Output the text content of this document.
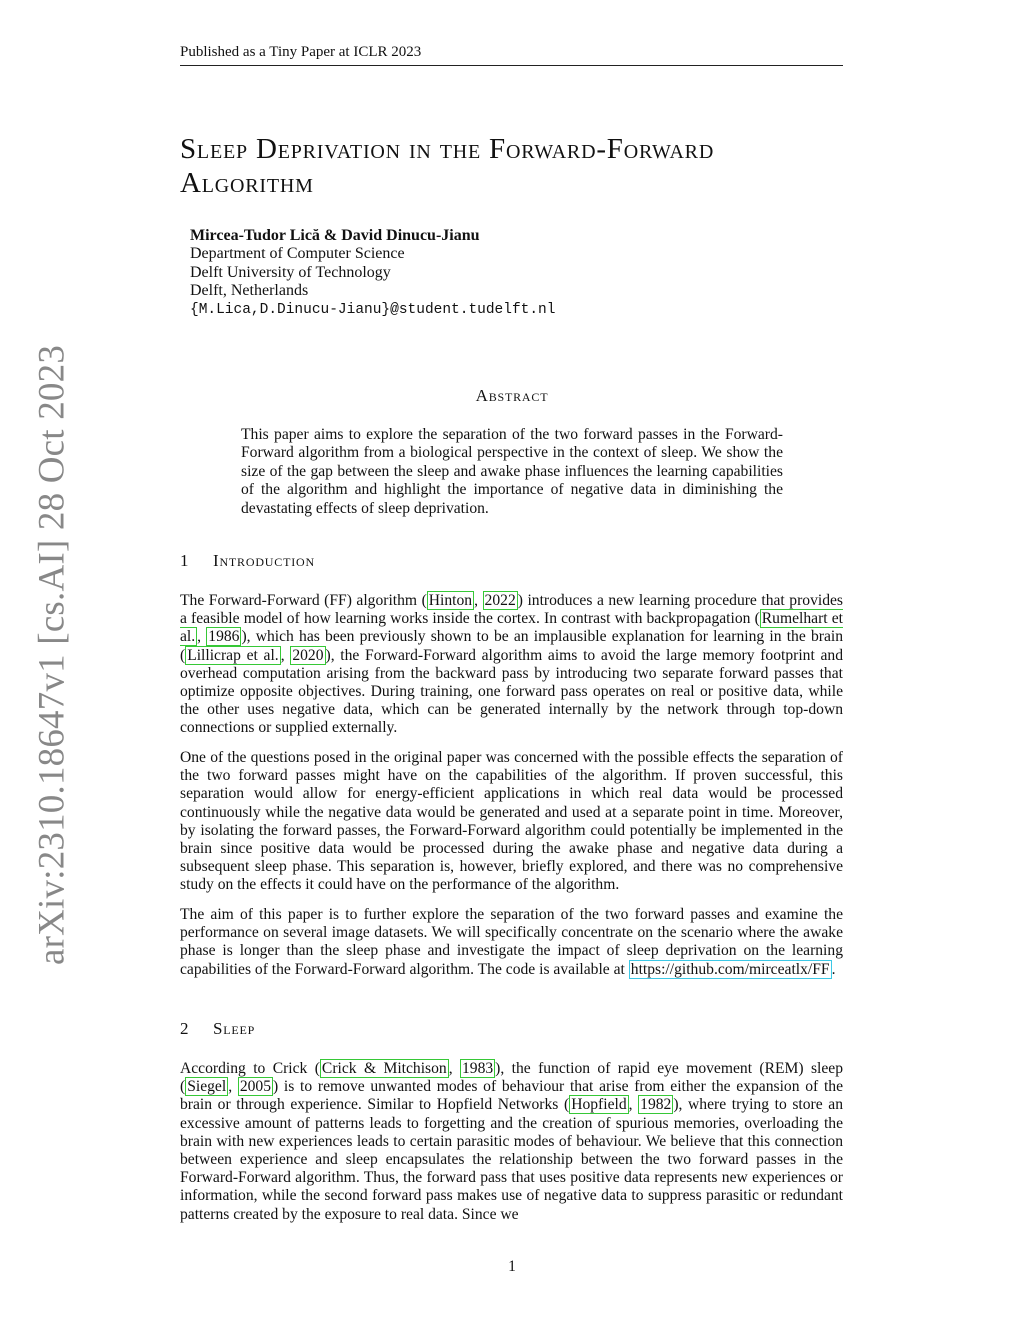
Published as a Tiny Paper at ICLR 2023
arXiv:2310.18647v1 [cs.AI] 28 Oct 2023
Sleep Deprivation in the Forward-Forward
Algorithm
Mircea-Tudor Lică & David Dinucu-Jianu
Department of Computer Science
Delft University of Technology
Delft, Netherlands
{M.Lica,D.Dinucu-Jianu}@student.tudelft.nl
Abstract

This paper aims to explore the separation of the two forward passes in the Forward-Forward algorithm from a biological perspective in the context of sleep. We show the size of the gap between the sleep and awake phase influences the learning capabilities of the algorithm and highlight the importance of negative data in diminishing the devastating effects of sleep deprivation.

1 Introduction

The Forward-Forward (FF) algorithm ( Hinton , 2022 ) introduces a new learning procedure that provides a feasible model of how learning works inside the cortex. In contrast with backpropagation ( Rumelhart et al. , 1986 ), which has been previously shown to be an implausible explanation for learning in the brain ( Lillicrap et al. , 2020 ), the Forward-Forward algorithm aims to avoid the large memory footprint and overhead computation arising from the backward pass by introducing two separate forward passes that optimize opposite objectives. During training, one forward pass operates on real or positive data, while the other uses negative data, which can be generated internally by the network through top-down connections or supplied externally.

One of the questions posed in the original paper was concerned with the possible effects the separation of the two forward passes might have on the capabilities of the algorithm. If proven successful, this separation would allow for energy-efficient applications in which real data would be processed continuously while the negative data would be generated and used at a separate point in time. Moreover, by isolating the forward passes, the Forward-Forward algorithm could potentially be implemented in the brain since positive data would be processed during the awake phase and negative data during a subsequent sleep phase. This separation is, however, briefly explored, and there was no comprehensive study on the effects it could have on the performance of the algorithm.

The aim of this paper is to further explore the separation of the two forward passes and examine the performance on several image datasets. We will specifically concentrate on the scenario where the awake phase is longer than the sleep phase and investigate the impact of sleep deprivation on the learning capabilities of the Forward-Forward algorithm. The code is available at https://github.com/mirceatlx/FF .

2 Sleep

According to Crick ( Crick & Mitchison , 1983 ), the function of rapid eye movement (REM) sleep ( Siegel , 2005 ) is to remove unwanted modes of behaviour that arise from either the expansion of the brain or through experience. Similar to Hopfield Networks ( Hopfield , 1982 ), where trying to store an excessive amount of patterns leads to forgetting and the creation of spurious memories, overloading the brain with new experiences leads to certain parasitic modes of behaviour. We believe that this connection between experience and sleep encapsulates the relationship between the two forward passes in the Forward-Forward algorithm. Thus, the forward pass that uses positive data represents new experiences or information, while the second forward pass makes use of negative data to suppress parasitic or redundant patterns created by the exposure to real data. Since we

1
